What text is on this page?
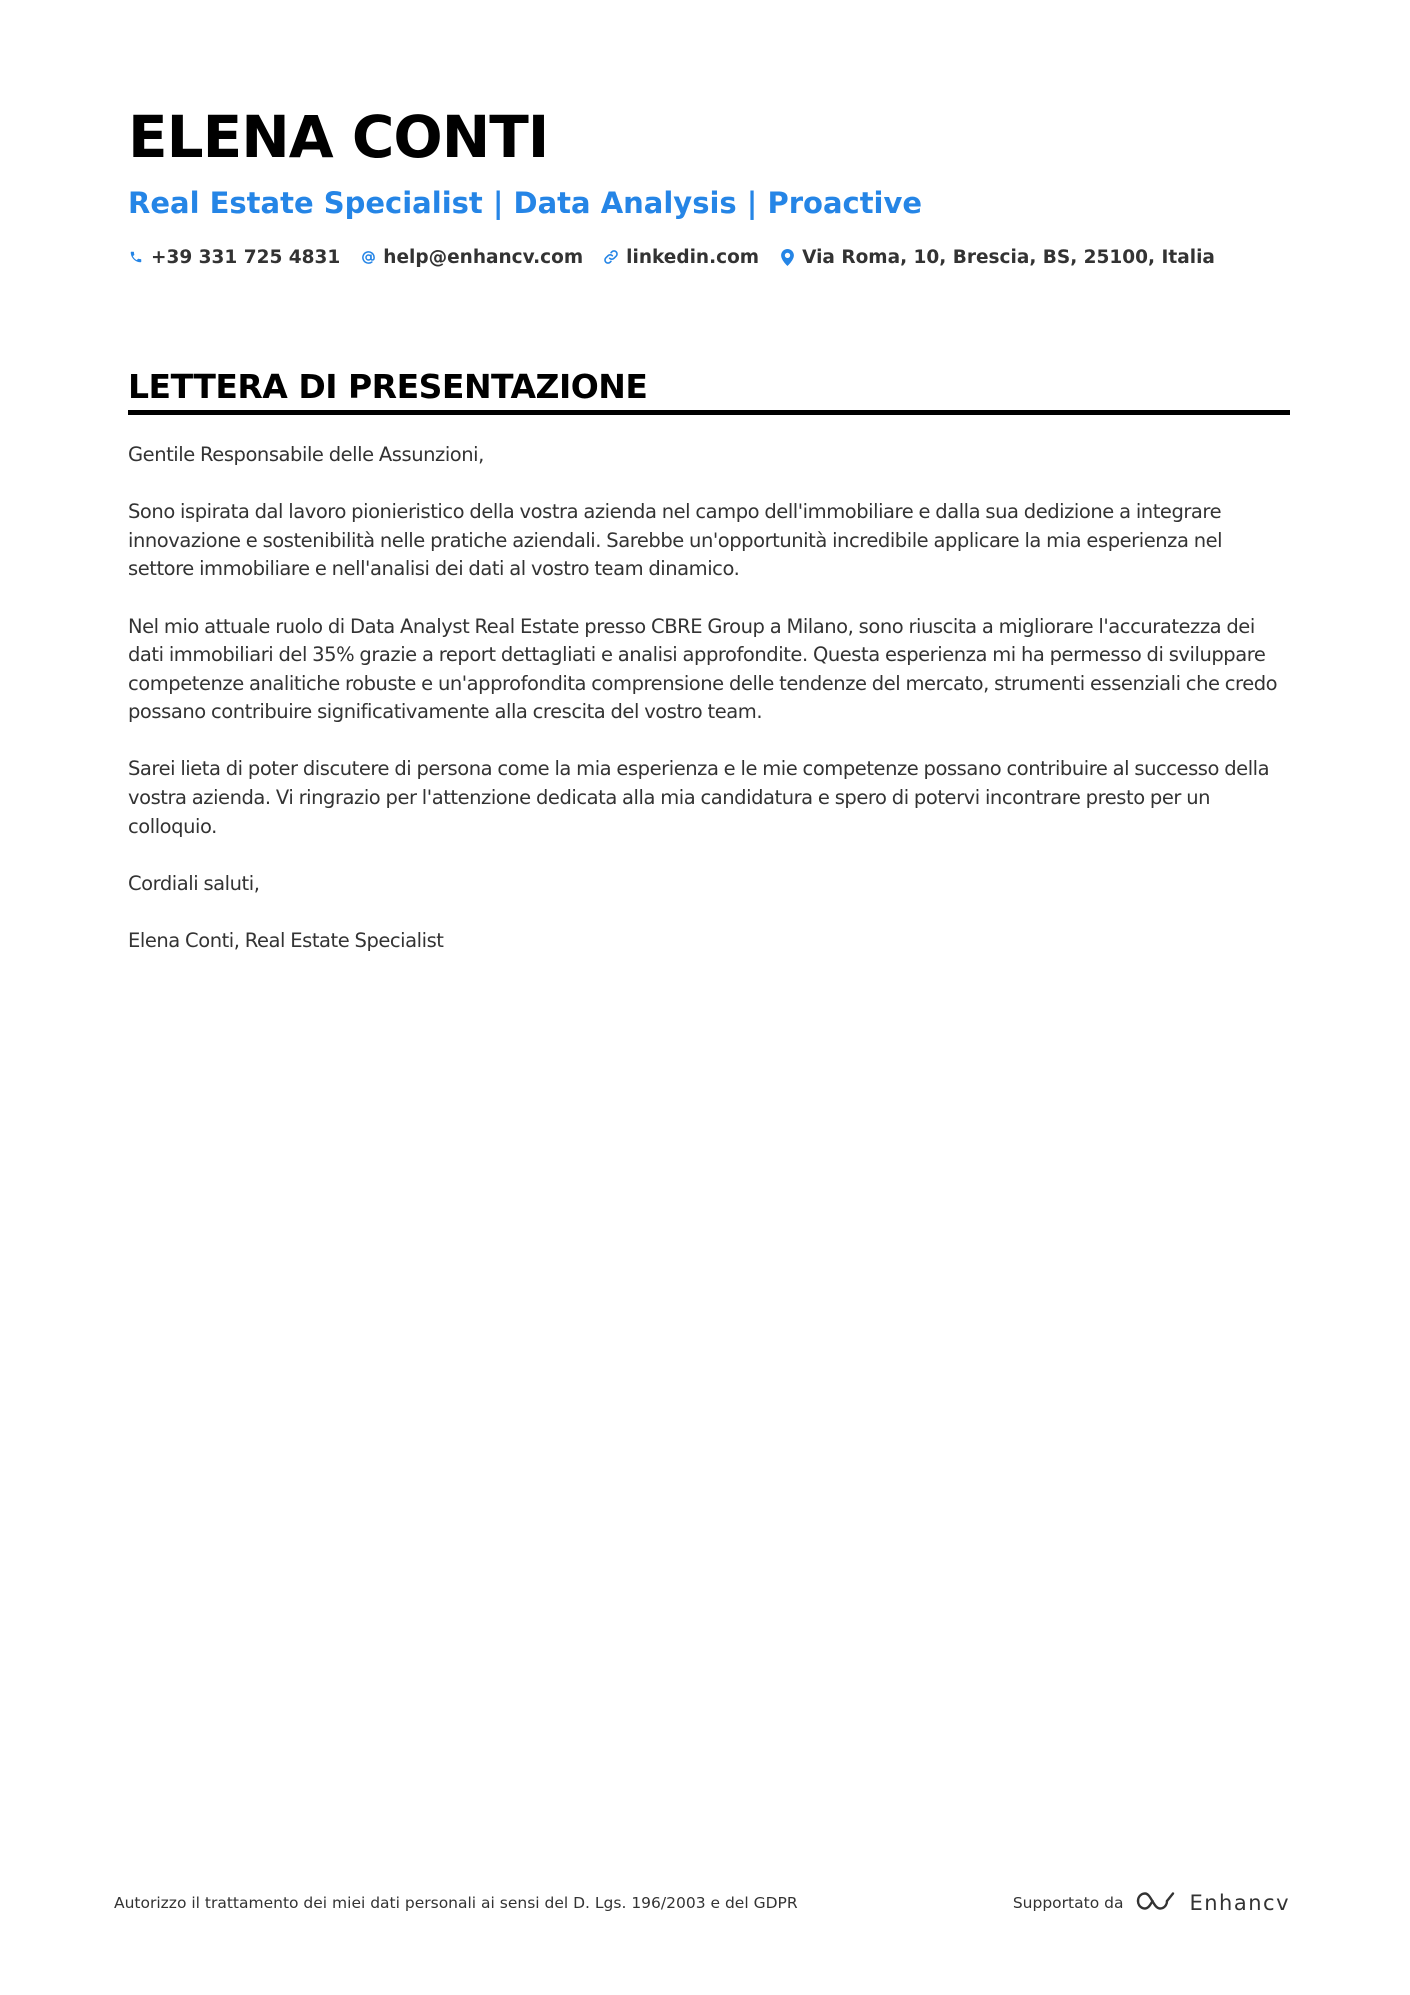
ELENA CONTI
Real Estate Specialist | Data Analysis | Proactive
+39 331 725 4831 help@enhancv.com linkedin.com Via Roma, 10, Brescia, BS, 25100, Italia
LETTERA DI PRESENTAZIONE

Gentile Responsabile delle Assunzioni,

Sono ispirata dal lavoro pionieristico della vostra azienda nel campo dell'immobiliare e dalla sua dedizione a integrare innovazione e sostenibilità nelle pratiche aziendali. Sarebbe un'opportunità incredibile applicare la mia esperienza nel settore immobiliare e nell'analisi dei dati al vostro team dinamico.

Nel mio attuale ruolo di Data Analyst Real Estate presso CBRE Group a Milano, sono riuscita a migliorare l'accuratezza dei dati immobiliari del 35% grazie a report dettagliati e analisi approfondite. Questa esperienza mi ha permesso di sviluppare competenze analitiche robuste e un'approfondita comprensione delle tendenze del mercato, strumenti essenziali che credo possano contribuire significativamente alla crescita del vostro team.

Sarei lieta di poter discutere di persona come la mia esperienza e le mie competenze possano contribuire al successo della vostra azienda. Vi ringrazio per l'attenzione dedicata alla mia candidatura e spero di potervi incontrare presto per un colloquio.

Cordiali saluti,

Elena Conti, Real Estate Specialist

Autorizzo il trattamento dei miei dati personali ai sensi del D. Lgs. 196/2003 e del GDPR	Supportato da	Enhancv
